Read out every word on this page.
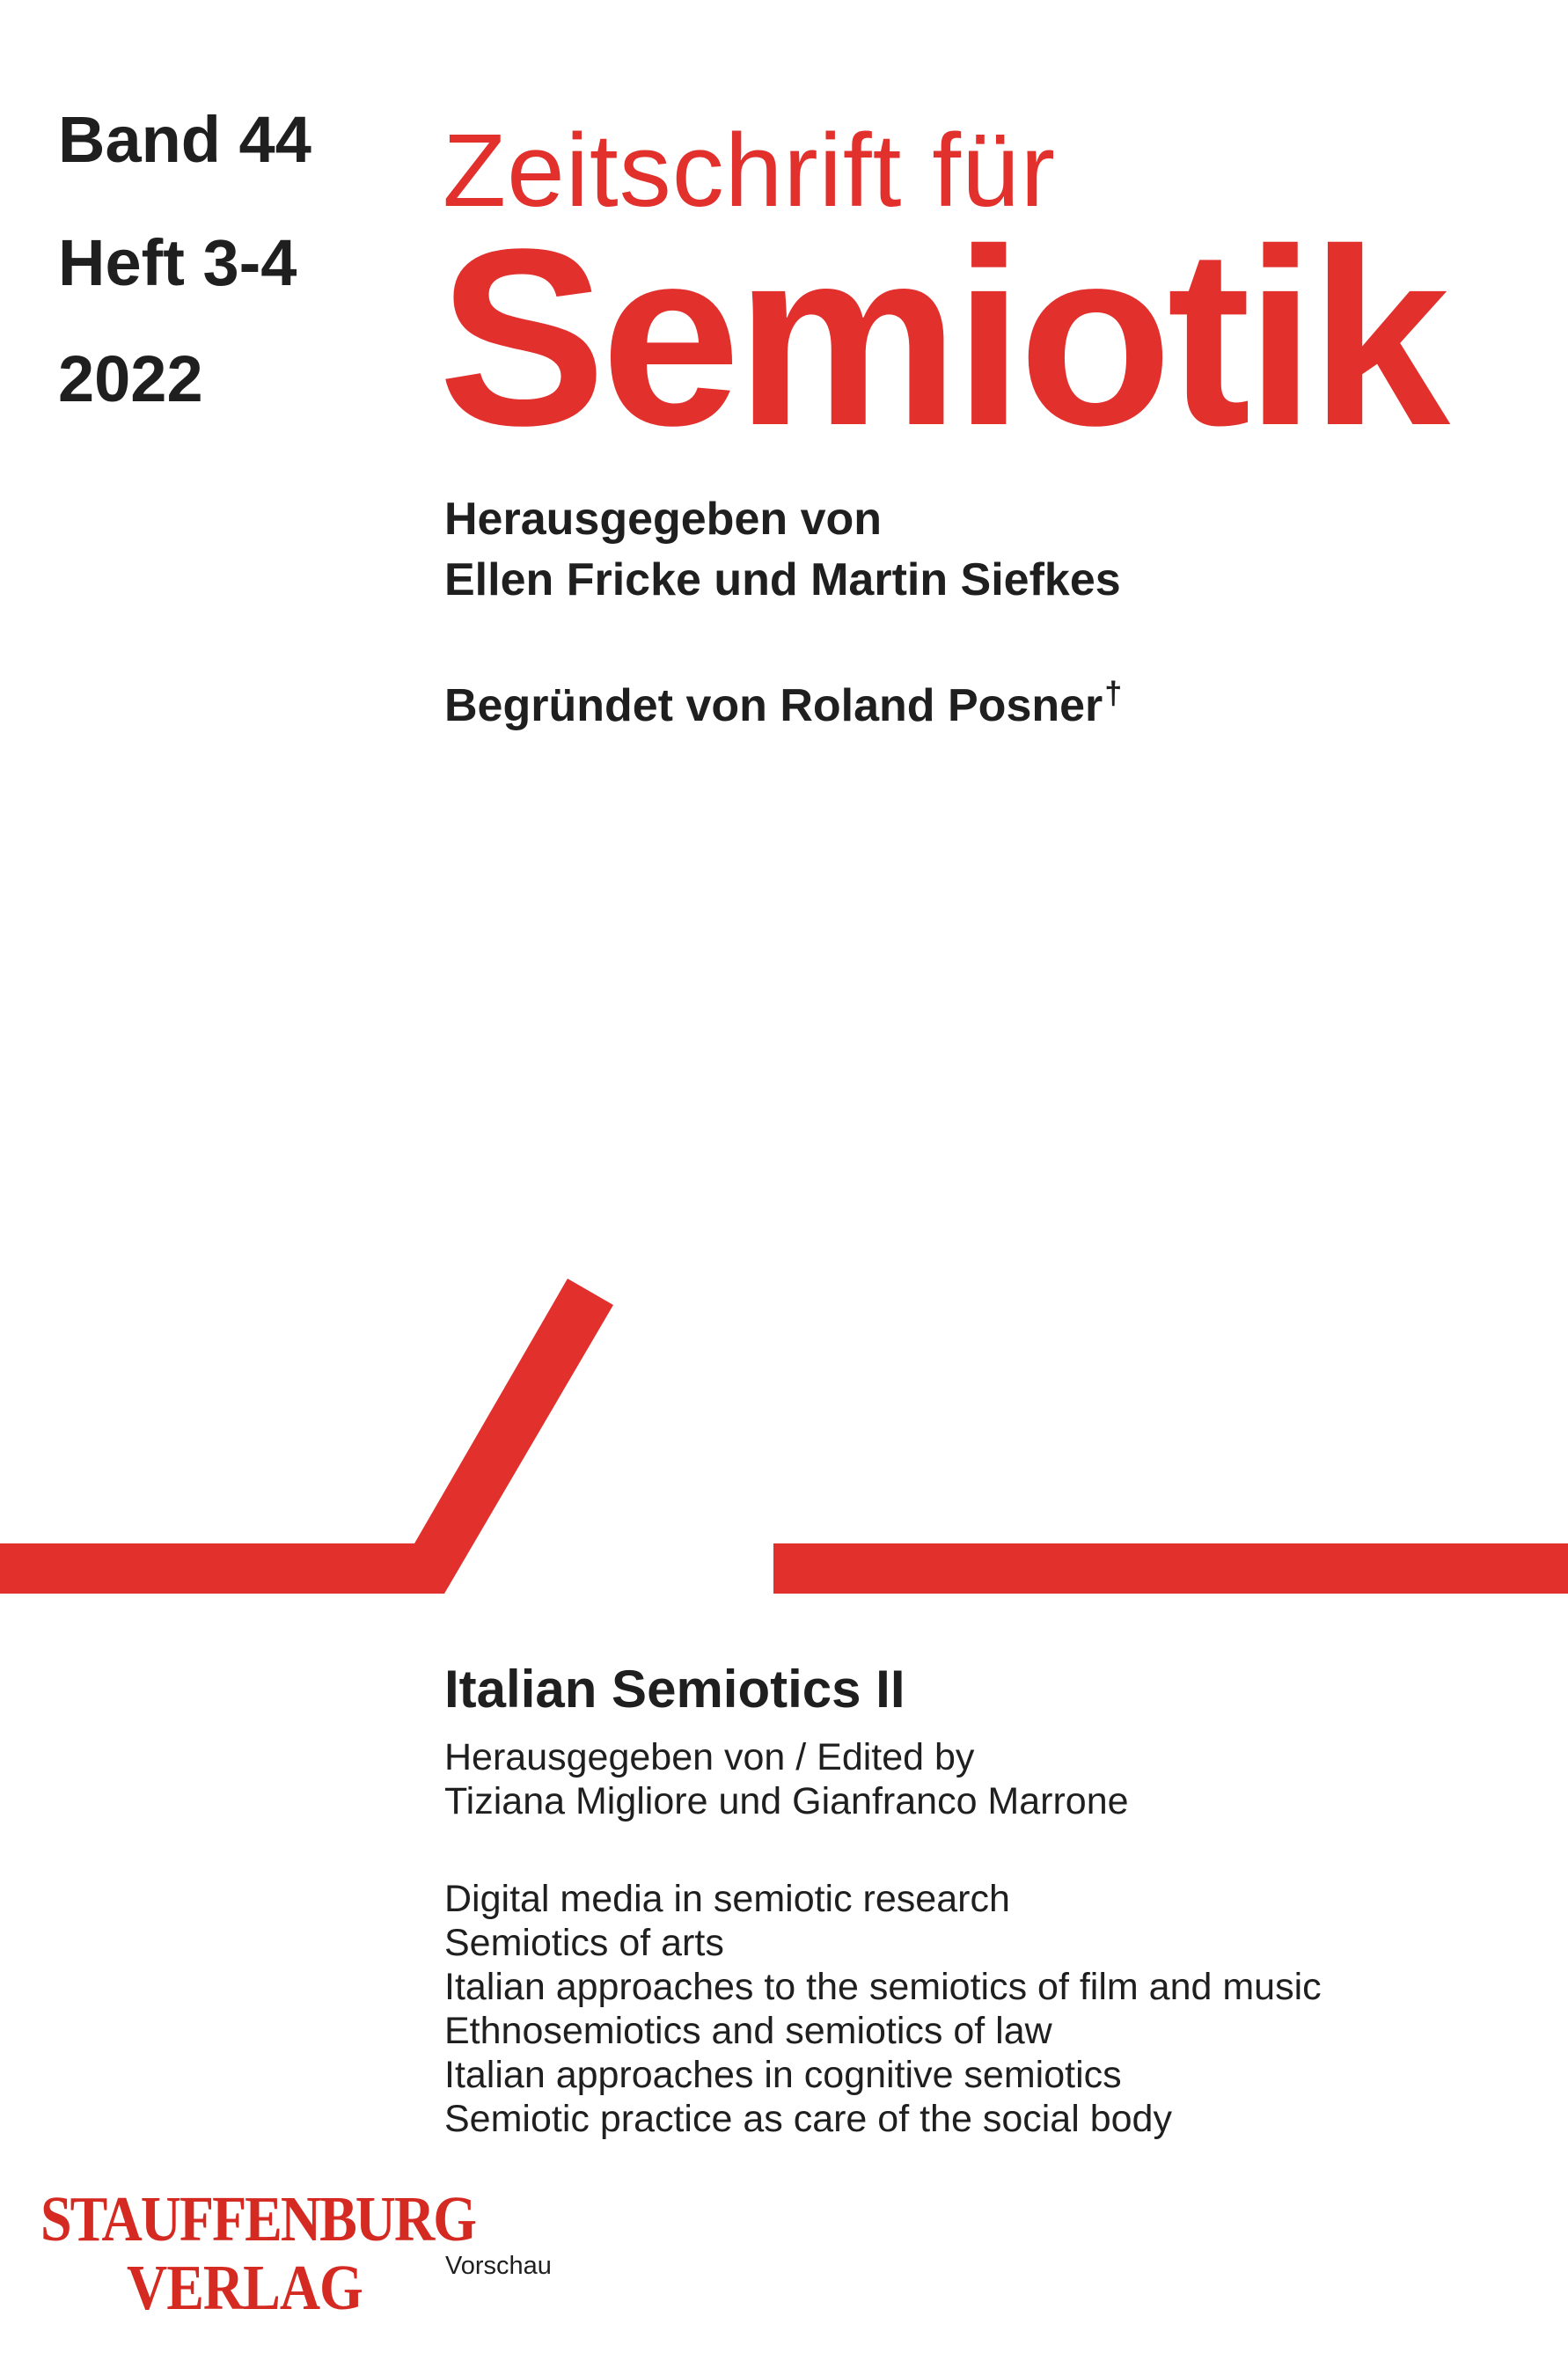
Band 44
Heft 3-4
2022
Zeitschrift für
Semiotik
Herausgegeben von
Ellen Fricke und Martin Siefkes
Begründet von Roland Posner†
Italian Semiotics II
Herausgegeben von / Edited by
Tiziana Migliore und Gianfranco Marrone
Digital media in semiotic research
Semiotics of arts
Italian approaches to the semiotics of film and music
Ethnosemiotics and semiotics of law
Italian approaches in cognitive semiotics
Semiotic practice as care of the social body
STAUFFENBURG
VERLAG	Vorschau
